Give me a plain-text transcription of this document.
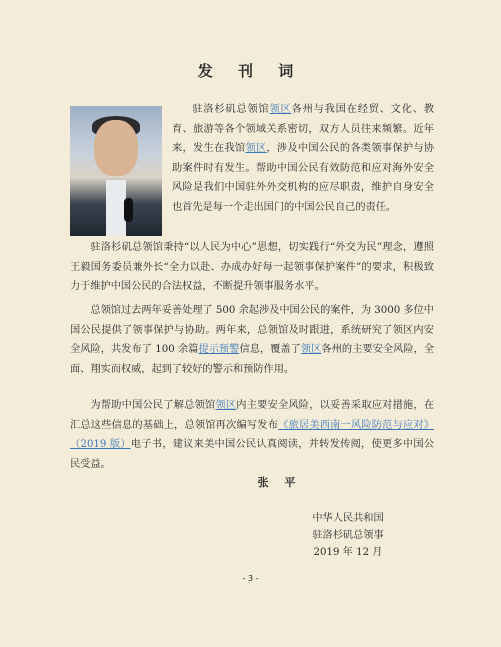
发 刊 词

驻洛杉矶总领馆领区各州与我国在经贸、文化、教育、旅游等各个领域关系密切，双方人员往来频繁。近年来，发生在我馆领区，涉及中国公民的各类领事保护与协助案件时有发生。帮助中国公民有效防范和应对海外安全风险是我们中国驻外外交机构的应尽职责，维护自身安全也首先是每一个走出国门的中国公民自己的责任。

驻洛杉矶总领馆秉持“以人民为中心”思想，切实践行“外交为民”理念，遵照王毅国务委员兼外长“全力以赴、办成办好每一起领事保护案件”的要求，积极致力于维护中国公民的合法权益，不断提升领事服务水平。

总领馆过去两年妥善处理了 500 余起涉及中国公民的案件，为 3000 多位中国公民提供了领事保护与协助。两年来，总领馆及时跟进，系统研究了领区内安全风险，共发布了 100 余篇提示预警信息，覆盖了领区各州的主要安全风险，全面、翔实而权威，起到了较好的警示和预防作用。

为帮助中国公民了解总领馆领区内主要安全风险，以妥善采取应对措施，在汇总这些信息的基础上，总领馆再次编写发布《旅居美西南一风险防范与应对》（2019 版）电子书，建议来美中国公民认真阅读，并转发传阅，使更多中国公民受益。

张 平
中华人民共和国
驻洛杉矶总领事
2019 年 12 月
- 3 -
